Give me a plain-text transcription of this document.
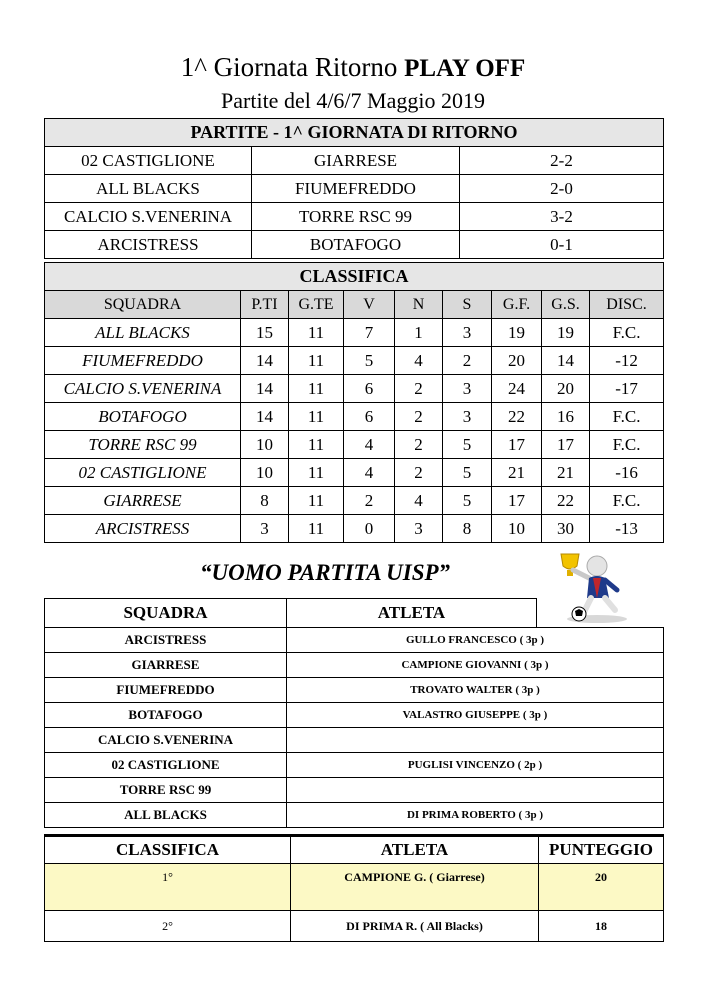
1^ Giornata Ritorno PLAY OFF
Partite del 4/6/7 Maggio 2019
PARTITE - 1^ GIORNATA DI RITORNO		
02 CASTIGLIONE	GIARRESE	2-2
ALL BLACKS	FIUMEFREDDO	2-0
CALCIO S.VENERINA	TORRE RSC 99	3-2
ARCISTRESS	BOTAFOGO	0-1
CLASSIFICA								
SQUADRA	P.TI	G.TE	V	N	S	G.F.	G.S.	DISC.
ALL BLACKS	15	11	7	1	3	19	19	F.C.
FIUMEFREDDO	14	11	5	4	2	20	14	-12
CALCIO S.VENERINA	14	11	6	2	3	24	20	-17
BOTAFOGO	14	11	6	2	3	22	16	F.C.
TORRE RSC 99	10	11	4	2	5	17	17	F.C.
02 CASTIGLIONE	10	11	4	2	5	21	21	-16
GIARRESE	8	11	2	4	5	17	22	F.C.
ARCISTRESS	3	11	0	3	8	10	30	-13
“UOMO PARTITA UISP”
SQUADRA	ATLETA	
ARCISTRESS	GULLO FRANCESCO ( 3p )	
GIARRESE	CAMPIONE GIOVANNI ( 3p )	
FIUMEFREDDO	TROVATO WALTER ( 3p )	
BOTAFOGO	VALASTRO GIUSEPPE ( 3p )	
CALCIO S.VENERINA		
02 CASTIGLIONE	PUGLISI VINCENZO ( 2p )	
TORRE RSC 99		
ALL BLACKS	DI PRIMA ROBERTO ( 3p )	
CLASSIFICA	ATLETA	PUNTEGGIO
1°	CAMPIONE G. ( Giarrese)	20
2°	DI PRIMA R. ( All Blacks)	18
